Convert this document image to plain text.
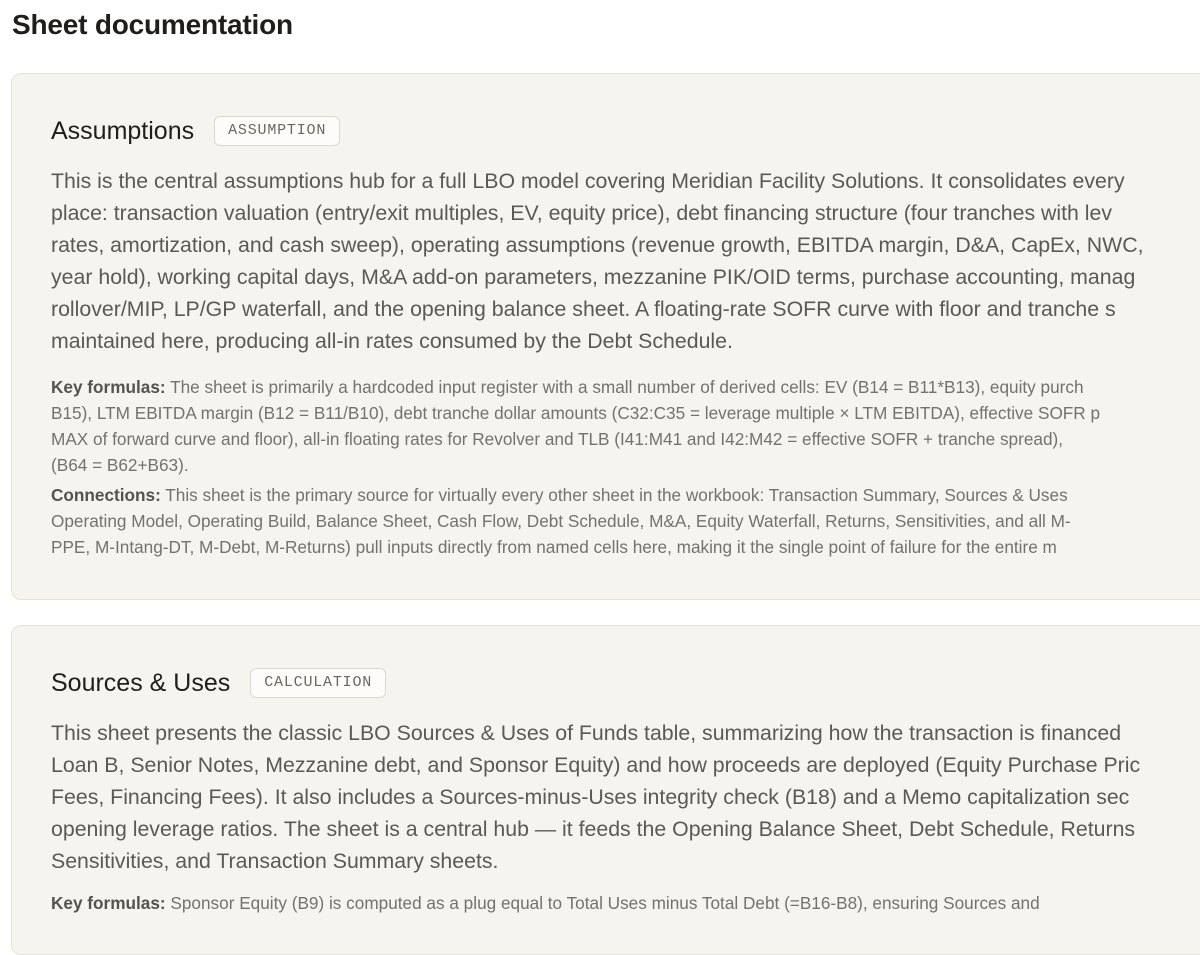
Sheet documentation
Assumptions	ASSUMPTION

This is the central assumptions hub for a full LBO model covering Meridian Facility Solutions. It consolidates every
place: transaction valuation (entry/exit multiples, EV, equity price), debt financing structure (four tranches with lev
rates, amortization, and cash sweep), operating assumptions (revenue growth, EBITDA margin, D&A, CapEx, NWC,
year hold), working capital days, M&A add-on parameters, mezzanine PIK/OID terms, purchase accounting, manag
rollover/MIP, LP/GP waterfall, and the opening balance sheet. A floating-rate SOFR curve with floor and tranche s
maintained here, producing all-in rates consumed by the Debt Schedule.

Key formulas: The sheet is primarily a hardcoded input register with a small number of derived cells: EV (B14 = B11*B13), equity purch
B15), LTM EBITDA margin (B12 = B11/B10), debt tranche dollar amounts (C32:C35 = leverage multiple × LTM EBITDA), effective SOFR p
MAX of forward curve and floor), all-in floating rates for Revolver and TLB (I41:M41 and I42:M42 = effective SOFR + tranche spread),
(B64 = B62+B63).

Connections: This sheet is the primary source for virtually every other sheet in the workbook: Transaction Summary, Sources & Uses
Operating Model, Operating Build, Balance Sheet, Cash Flow, Debt Schedule, M&A, Equity Waterfall, Returns, Sensitivities, and all M-
PPE, M-Intang-DT, M-Debt, M-Returns) pull inputs directly from named cells here, making it the single point of failure for the entire m

Sources & Uses	CALCULATION

This sheet presents the classic LBO Sources & Uses of Funds table, summarizing how the transaction is financed
Loan B, Senior Notes, Mezzanine debt, and Sponsor Equity) and how proceeds are deployed (Equity Purchase Pric
Fees, Financing Fees). It also includes a Sources-minus-Uses integrity check (B18) and a Memo capitalization sec
opening leverage ratios. The sheet is a central hub — it feeds the Opening Balance Sheet, Debt Schedule, Returns
Sensitivities, and Transaction Summary sheets.

Key formulas: Sponsor Equity (B9) is computed as a plug equal to Total Uses minus Total Debt (=B16-B8), ensuring Sources and
